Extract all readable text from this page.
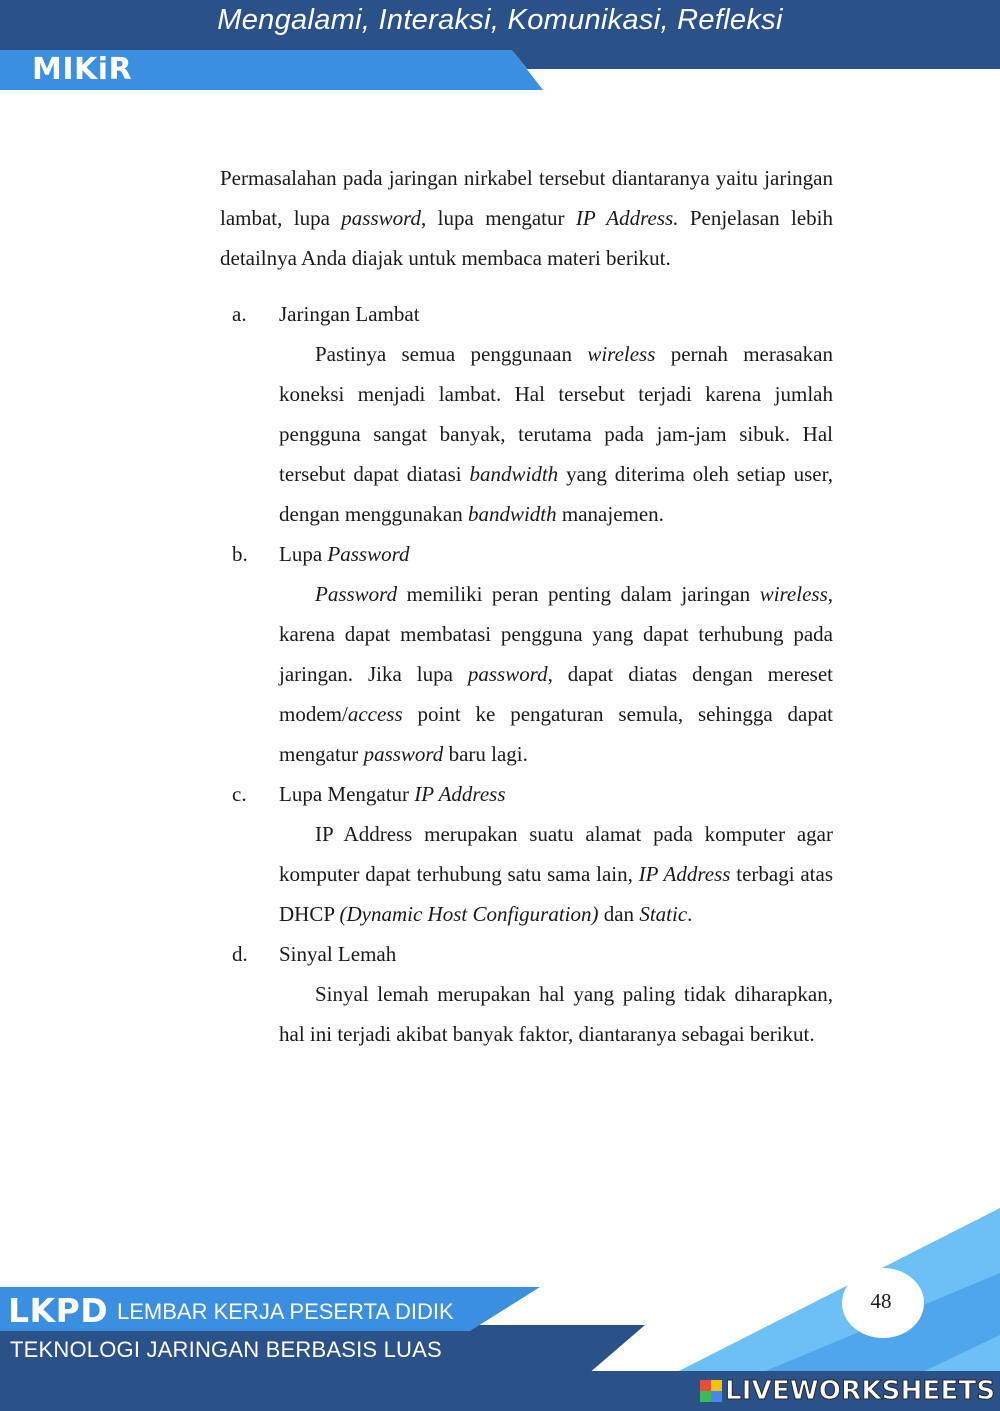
Mengalami, Interaksi, Komunikasi, Refleksi
MIKiR

Permasalahan pada jaringan nirkabel tersebut diantaranya yaitu jaringan lambat, lupa password, lupa mengatur IP Address. Penjelasan lebih detailnya Anda diajak untuk membaca materi berikut.

a. Jaringan Lambat

Pastinya semua penggunaan wireless pernah merasakan koneksi menjadi lambat. Hal tersebut terjadi karena jumlah pengguna sangat banyak, terutama pada jam-jam sibuk. Hal tersebut dapat diatasi bandwidth yang diterima oleh setiap user, dengan menggunakan bandwidth manajemen.

b. Lupa Password

Password memiliki peran penting dalam jaringan wireless, karena dapat membatasi pengguna yang dapat terhubung pada jaringan. Jika lupa password, dapat diatas dengan mereset modem/access point ke pengaturan semula, sehingga dapat mengatur password baru lagi.

c. Lupa Mengatur IP Address

IP Address merupakan suatu alamat pada komputer agar komputer dapat terhubung satu sama lain, IP Address terbagi atas DHCP (Dynamic Host Configuration) dan Static.

d. Sinyal Lemah

Sinyal lemah merupakan hal yang paling tidak diharapkan, hal ini terjadi akibat banyak faktor, diantaranya sebagai berikut.

LKPD LEMBAR KERJA PESERTA DIDIK
TEKNOLOGI JARINGAN BERBASIS LUAS
48
LIVEWORKSHEETS
